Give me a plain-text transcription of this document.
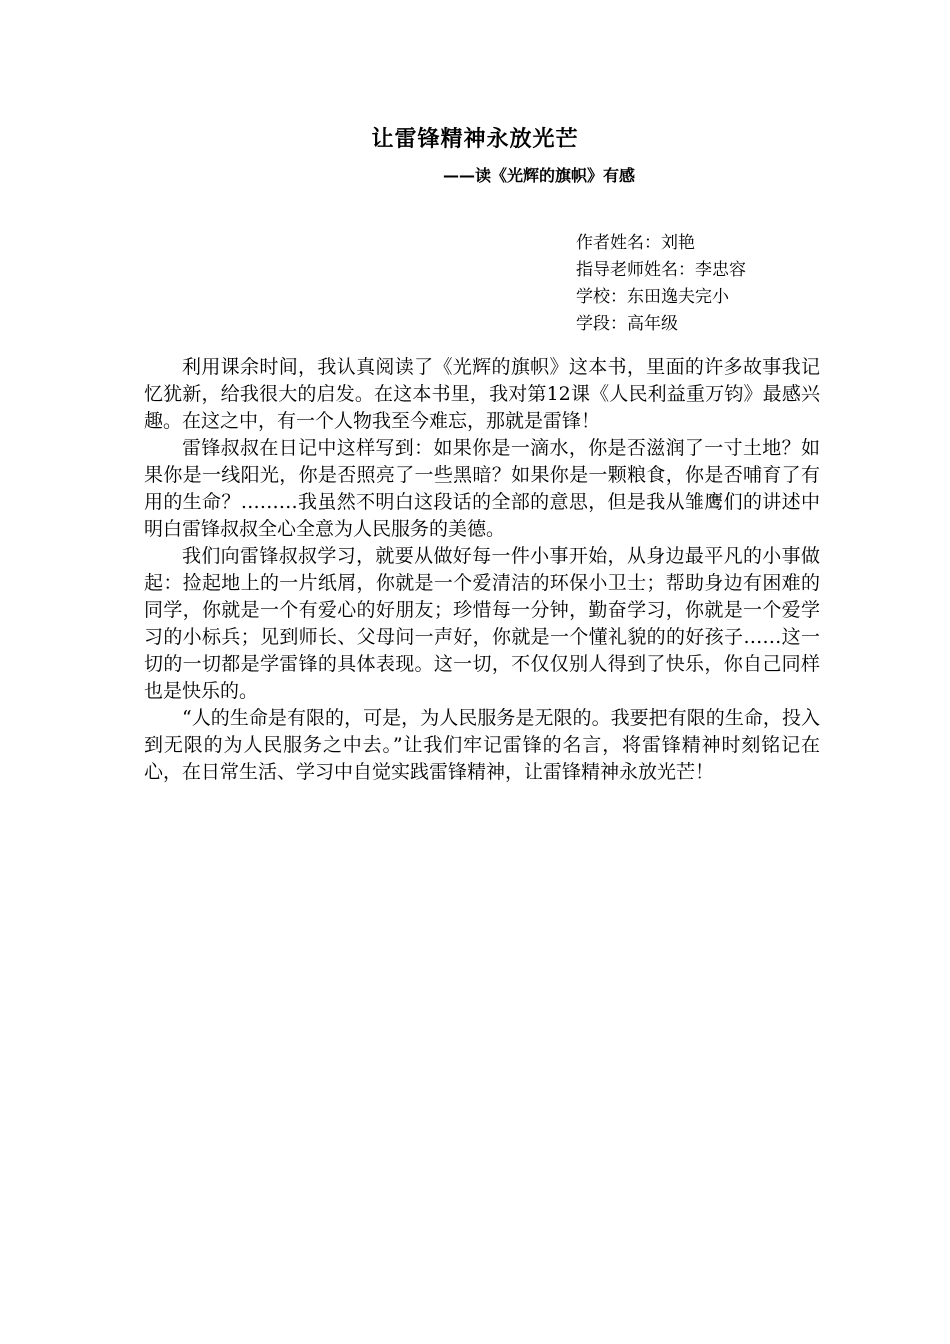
让雷锋精神永放光芒

——读《光辉的旗帜》有感

作者姓名：刘艳
指导老师姓名：李忠容
学校：东田逸夫完小
学段：高年级

利用课余时间，我认真阅读了《光辉的旗帜》这本书，里面的许多故事我记忆犹新，给我很大的启发。在这本书里，我对第12课《人民利益重万钧》最感兴趣。在这之中，有一个人物我至今难忘，那就是雷锋！

雷锋叔叔在日记中这样写到：如果你是一滴水，你是否滋润了一寸土地？如果你是一线阳光，你是否照亮了一些黑暗？如果你是一颗粮食，你是否哺育了有用的生命？………我虽然不明白这段话的全部的意思，但是我从雏鹰们的讲述中明白雷锋叔叔全心全意为人民服务的美德。

我们向雷锋叔叔学习，就要从做好每一件小事开始，从身边最平凡的小事做起：捡起地上的一片纸屑，你就是一个爱清洁的环保小卫士；帮助身边有困难的同学，你就是一个有爱心的好朋友；珍惜每一分钟，勤奋学习，你就是一个爱学习的小标兵；见到师长、父母问一声好，你就是一个懂礼貌的的好孩子……这一切的一切都是学雷锋的具体表现。这一切，不仅仅别人得到了快乐，你自己同样也是快乐的。

“人的生命是有限的，可是，为人民服务是无限的。我要把有限的生命，投入到无限的为人民服务之中去。”让我们牢记雷锋的名言，将雷锋精神时刻铭记在心，在日常生活、学习中自觉实践雷锋精神，让雷锋精神永放光芒！
